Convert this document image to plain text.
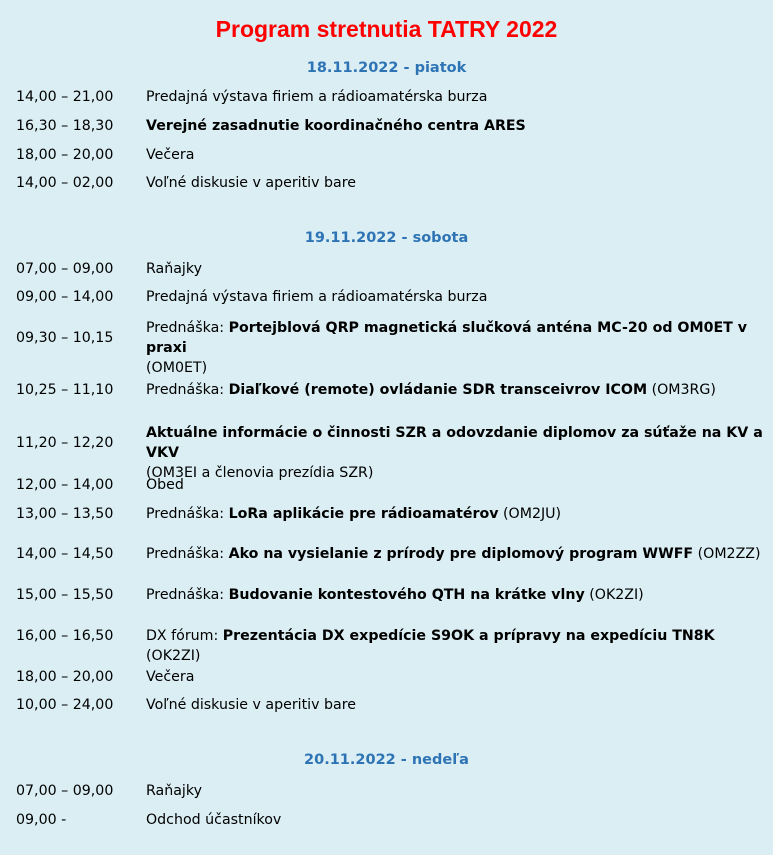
Program stretnutia TATRY 2022
18.11.2022 - piatok
14,00 – 21,00 Predajná výstava firiem a rádioamatérska burza
16,30 – 18,30 Verejné zasadnutie koordinačného centra ARES
18,00 – 20,00 Večera
14,00 – 02,00 Voľné diskusie v aperitiv bare
19.11.2022 - sobota
07,00 – 09,00 Raňajky
09,00 – 14,00 Predajná výstava firiem a rádioamatérska burza
09,30 – 10,15
Prednáška: Portejblová QRP magnetická slučková anténa MC-20 od OM0ET v praxi
(OM0ET)
10,25 – 11,10 Prednáška: Diaľkové (remote) ovládanie SDR transceivrov ICOM (OM3RG)
11,20 – 12,20
Aktuálne informácie o činnosti SZR a odovzdanie diplomov za súťaže na KV a VKV
(OM3EI a členovia prezídia SZR)
12,00 – 14,00 Obed
13,00 – 13,50 Prednáška: LoRa aplikácie pre rádioamatérov (OM2JU)
14,00 – 14,50 Prednáška: Ako na vysielanie z prírody pre diplomový program WWFF (OM2ZZ)
15,00 – 15,50 Prednáška: Budovanie kontestového QTH na krátke vlny (OK2ZI)
16,00 – 16,50 DX fórum: Prezentácia DX expedície S9OK a prípravy na expedíciu TN8K (OK2ZI)
18,00 – 20,00 Večera
10,00 – 24,00 Voľné diskusie v aperitiv bare
20.11.2022 - nedeľa
07,00 – 09,00 Raňajky
09,00 -	Odchod účastníkov
